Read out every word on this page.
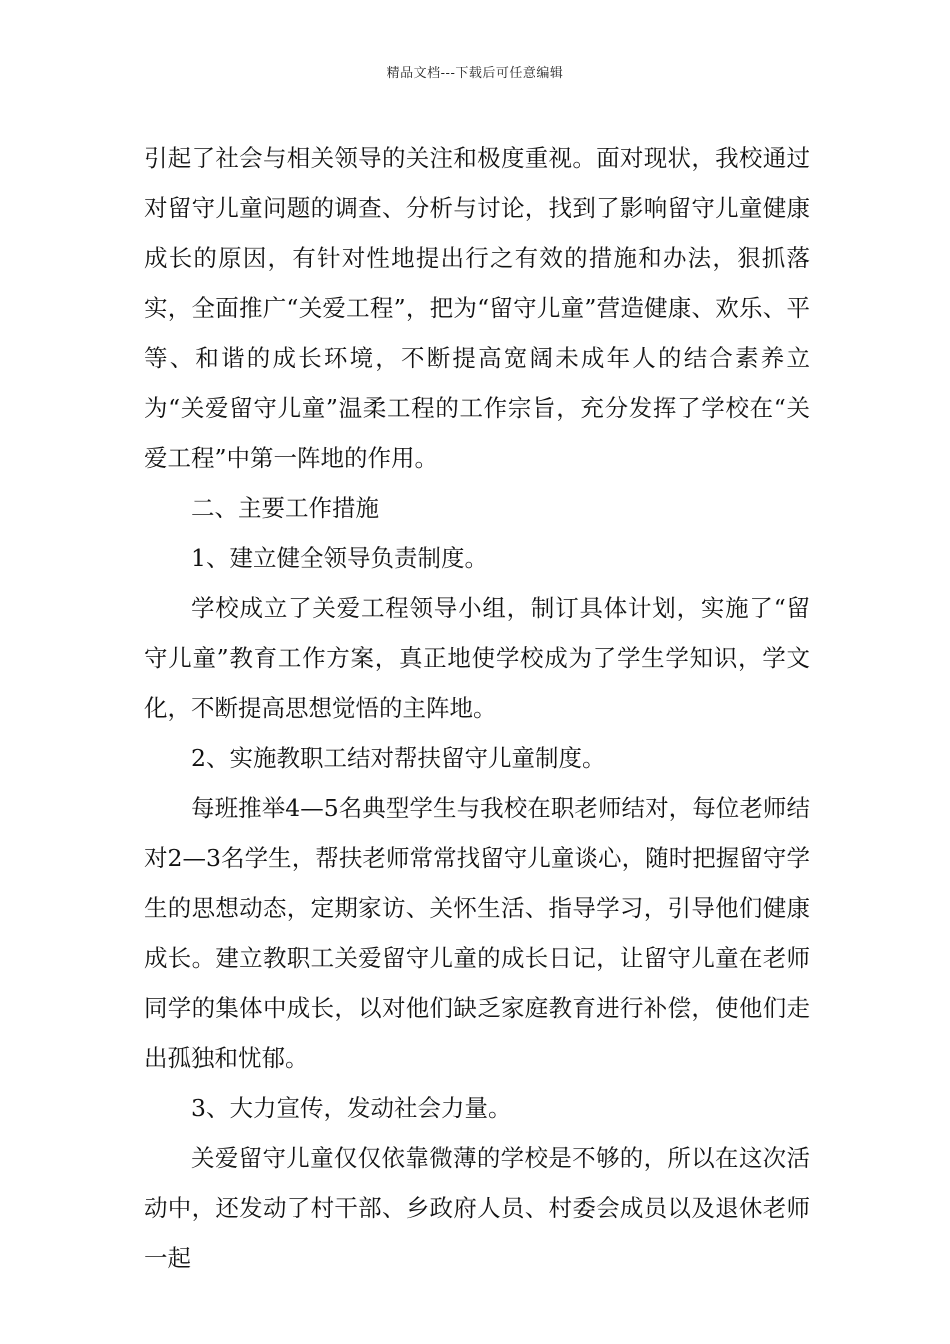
精品文档---下载后可任意编辑

引起了社会与相关领导的关注和极度重视。面对现状，我校通过对留守儿童问题的调查、分析与讨论，找到了影响留守儿童健康成长的原因，有针对性地提出行之有效的措施和办法，狠抓落实，全面推广“关爱工程”，把为“留守儿童”营造健康、欢乐、平等、和谐的成长环境，不断提高宽阔未成年人的结合素养立为“关爱留守儿童”温柔工程的工作宗旨，充分发挥了学校在“关爱工程”中第一阵地的作用。

二、主要工作措施

1、建立健全领导负责制度。

学校成立了关爱工程领导小组，制订具体计划，实施了“留守儿童”教育工作方案，真正地使学校成为了学生学知识，学文化，不断提高思想觉悟的主阵地。

2、实施教职工结对帮扶留守儿童制度。

每班推举4—5名典型学生与我校在职老师结对，每位老师结对2—3名学生，帮扶老师常常找留守儿童谈心，随时把握留守学生的思想动态，定期家访、关怀生活、指导学习，引导他们健康成长。建立教职工关爱留守儿童的成长日记，让留守儿童在老师同学的集体中成长，以对他们缺乏家庭教育进行补偿，使他们走出孤独和忧郁。

3、大力宣传，发动社会力量。

关爱留守儿童仅仅依靠微薄的学校是不够的，所以在这次活动中，还发动了村干部、乡政府人员、村委会成员以及退休老师一起
